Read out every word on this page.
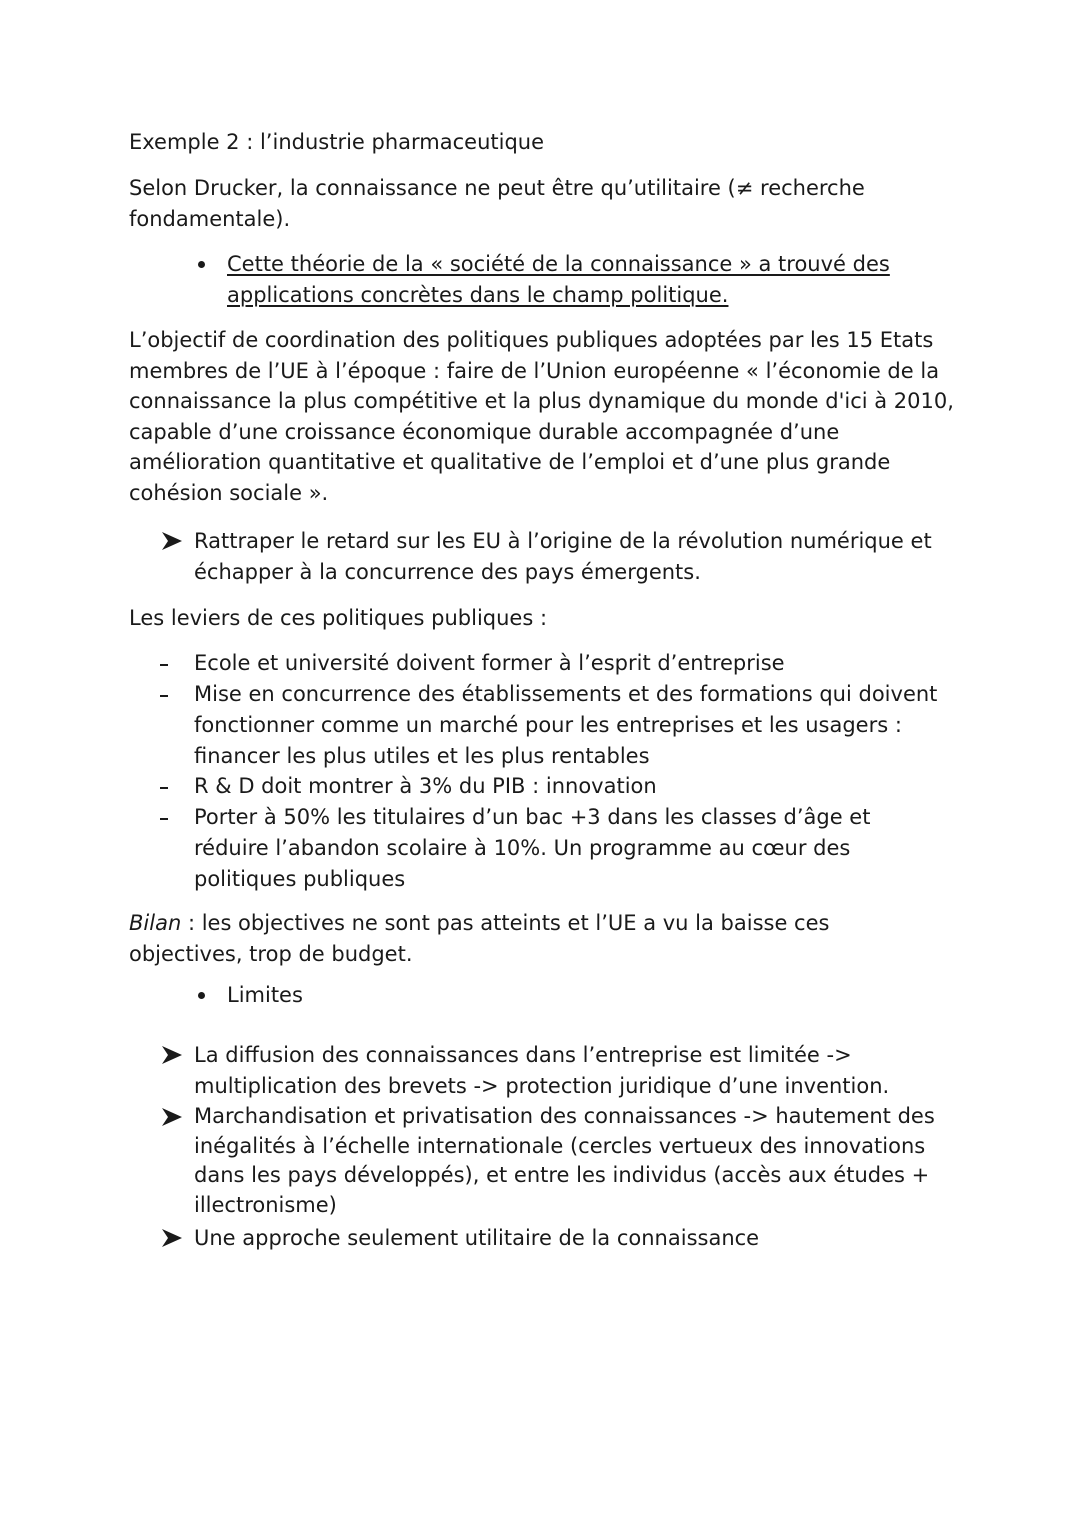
Exemple 2 : l’industrie pharmaceutique

Selon Drucker, la connaissance ne peut être qu’utilitaire (≠ recherche fondamentale).

Cette théorie de la « société de la connaissance » a trouvé des applications concrètes dans le champ politique.

L’objectif de coordination des politiques publiques adoptées par les 15 Etats membres de l’UE à l’époque : faire de l’Union européenne « l’économie de la connaissance la plus compétitive et la plus dynamique du monde d'ici à 2010, capable d’une croissance économique durable accompagnée d’une amélioration quantitative et qualitative de l’emploi et d’une plus grande cohésion sociale ».

Rattraper le retard sur les EU à l’origine de la révolution numérique et échapper à la concurrence des pays émergents.

Les leviers de ces politiques publiques :

Ecole et université doivent former à l’esprit d’entreprise

Mise en concurrence des établissements et des formations qui doivent fonctionner comme un marché pour les entreprises et les usagers : financer les plus utiles et les plus rentables

R & D doit montrer à 3% du PIB : innovation

Porter à 50% les titulaires d’un bac +3 dans les classes d’âge et réduire l’abandon scolaire à 10%. Un programme au cœur des politiques publiques

Bilan : les objectives ne sont pas atteints et l’UE a vu la baisse ces objectives, trop de budget.

Limites

La diffusion des connaissances dans l’entreprise est limitée -> multiplication des brevets -> protection juridique d’une invention.

Marchandisation et privatisation des connaissances -> hautement des inégalités à l’échelle internationale (cercles vertueux des innovations dans les pays développés), et entre les individus (accès aux études + illectronisme)

Une approche seulement utilitaire de la connaissance
